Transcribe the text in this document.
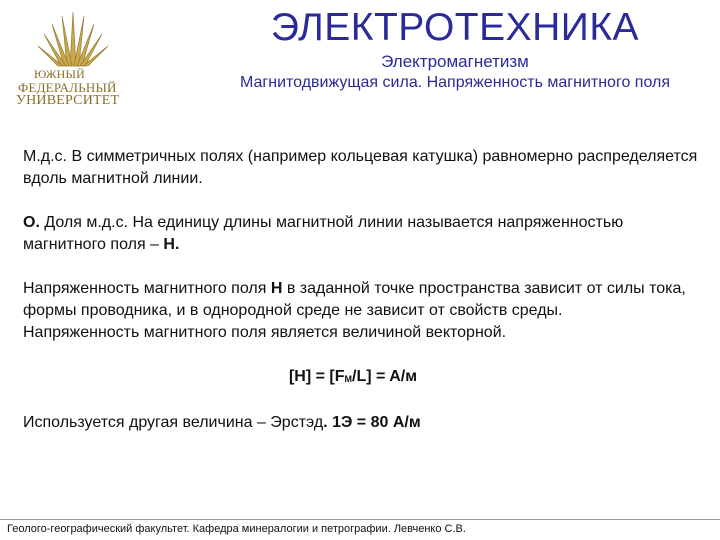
ЮЖНЫЙ
ФЕДЕРАЛЬНЫЙ
УНИВЕРСИТЕТ
ЭЛЕКТРОТЕХНИКА
Электромагнетизм
Магнитодвижущая сила. Напряженность магнитного поля

М.д.с. В симметричных полях (например кольцевая катушка) равномерно распределяется вдоль магнитной линии.

О. Доля м.д.с. На единицу длины магнитной линии называется напряженностью магнитного поля – Н.

Напряженность магнитного поля Н в заданной точке пространства зависит от силы тока, формы проводника, и в однородной среде не зависит от свойств среды.

Напряженность магнитного поля является величиной векторной.

$[H] = [F_M/L] = A/м$

Используется другая величина – Эрстэд. 1Э = 80 А/м

Геолого-географический факультет. Кафедра минералогии и петрографии. Левченко С.В.
